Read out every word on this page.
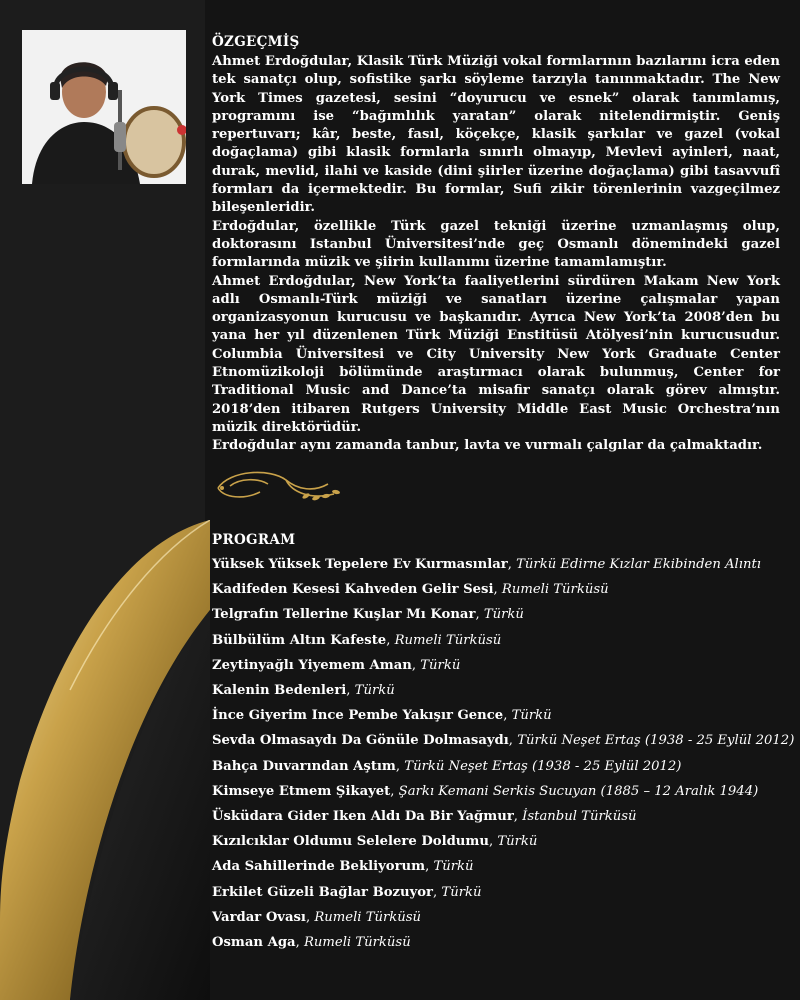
ÖZGEÇMİŞ

Ahmet Erdoğdular, Klasik Türk Müziği vokal formlarının bazılarını icra eden tek sanatçı olup, sofistike şarkı söyleme tarzıyla tanınmaktadır. The New York Times gazetesi, sesini “doyurucu ve esnek” olarak tanımlamış, programını ise “bağımlılık yaratan” olarak nitelendirmiştir. Geniş repertuvarı; kâr, beste, fasıl, köçekçe, klasik şarkılar ve gazel (vokal doğaçlama) gibi klasik formlarla sınırlı olmayıp, Mevlevi ayinleri, naat, durak, mevlid, ilahi ve kaside (dini şiirler üzerine doğaçlama) gibi tasavvufî formları da içermektedir. Bu formlar, Sufi zikir törenlerinin vazgeçilmez bileşenleridir.

Erdoğdular, özellikle Türk gazel tekniği üzerine uzmanlaşmış olup, doktorasını Istanbul Üniversitesi’nde geç Osmanlı dönemindeki gazel formlarında müzik ve şiirin kullanımı üzerine tamamlamıştır.

Ahmet Erdoğdular, New York’ta faaliyetlerini sürdüren Makam New York adlı Osmanlı-Türk müziği ve sanatları üzerine çalışmalar yapan organizasyonun kurucusu ve başkanıdır. Ayrıca New York’ta 2008’den bu yana her yıl düzenlenen Türk Müziği Enstitüsü Atölyesi’nin kurucusudur. Columbia Üniversitesi ve City University New York Graduate Center Etnomüzikoloji bölümünde araştırmacı olarak bulunmuş, Center for Traditional Music and Dance’ta misafir sanatçı olarak görev almıştır. 2018’den itibaren Rutgers University Middle East Music Orchestra’nın müzik direktörüdür.

Erdoğdular aynı zamanda tanbur, lavta ve vurmalı çalgılar da çalmaktadır.

PROGRAM
Yüksek Yüksek Tepelere Ev Kurmasınlar, Türkü Edirne Kızlar Ekibinden Alıntı
Kadifeden Kesesi Kahveden Gelir Sesi, Rumeli Türküsü
Telgrafın Tellerine Kuşlar Mı Konar, Türkü
Bülbülüm Altın Kafeste, Rumeli Türküsü
Zeytinyağlı Yiyemem Aman, Türkü
Kalenin Bedenleri, Türkü
İnce Giyerim Ince Pembe Yakışır Gence, Türkü
Sevda Olmasaydı Da Gönüle Dolmasaydı, Türkü Neşet Ertaş (1938 - 25 Eylül 2012)
Bahça Duvarından Aştım, Türkü Neşet Ertaş (1938 - 25 Eylül 2012)
Kimseye Etmem Şikayet, Şarkı Kemani Serkis Sucuyan (1885 – 12 Aralık 1944)
Üsküdara Gider Iken Aldı Da Bir Yağmur, İstanbul Türküsü
Kızılcıklar Oldumu Selelere Doldumu, Türkü
Ada Sahillerinde Bekliyorum, Türkü
Erkilet Güzeli Bağlar Bozuyor, Türkü
Vardar Ovası, Rumeli Türküsü
Osman Aga, Rumeli Türküsü
